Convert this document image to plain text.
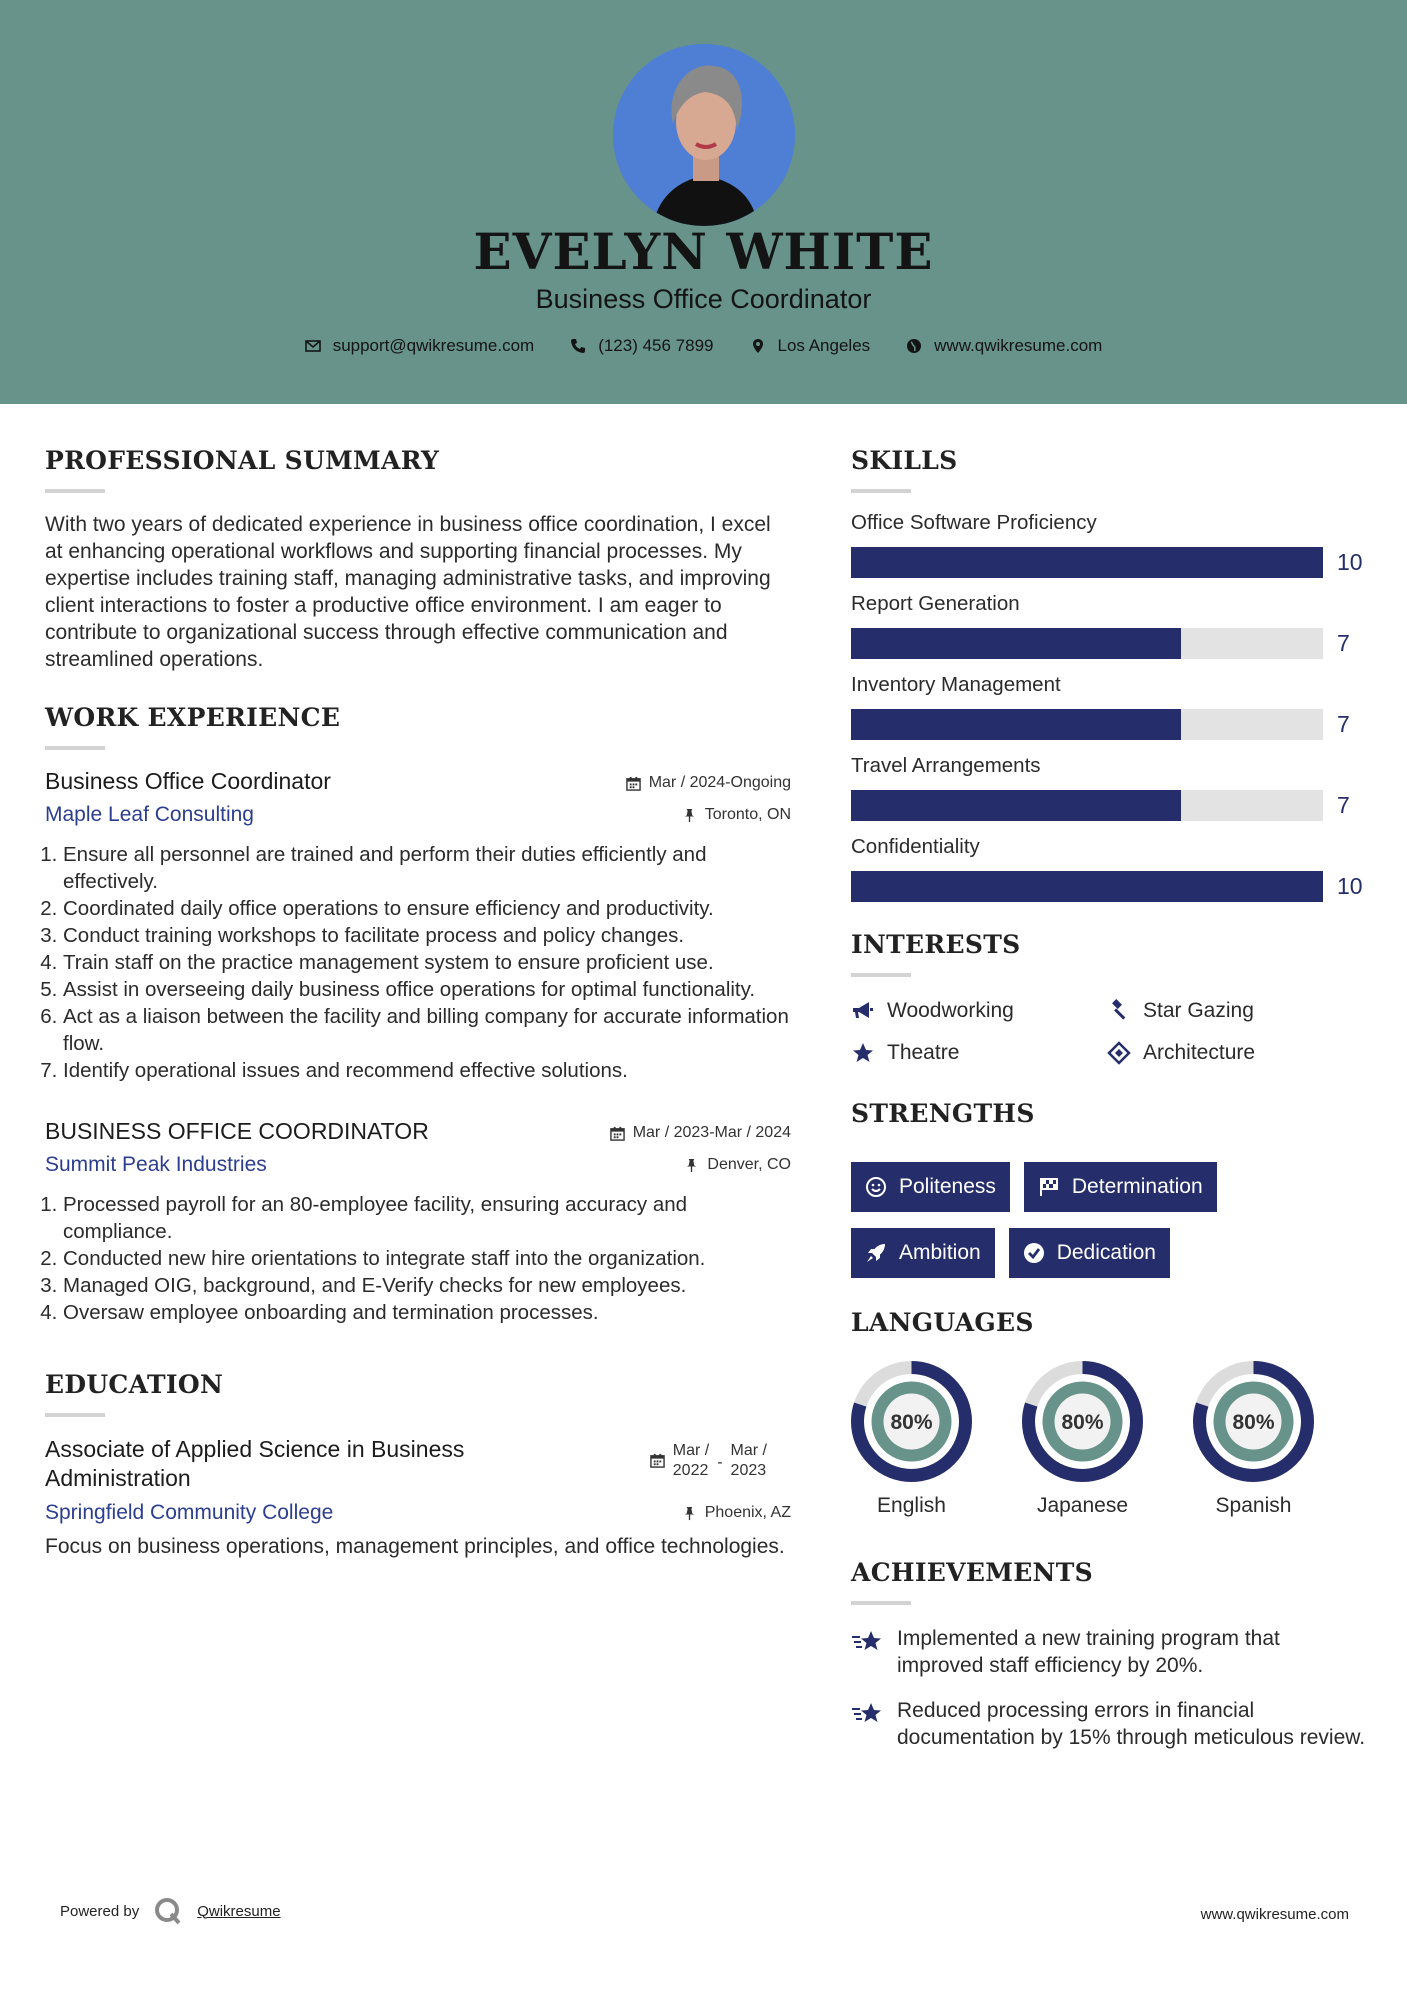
EVELYN WHITE
Business Office Coordinator
support@qwikresume.com	(123) 456 7899	Los Angeles	www.qwikresume.com
PROFESSIONAL SUMMARY
With two years of dedicated experience in business office coordination, I excel at enhancing operational workflows and supporting financial processes. My expertise includes training staff, managing administrative tasks, and improving client interactions to foster a productive office environment. I am eager to contribute to organizational success through effective communication and streamlined operations.
WORK EXPERIENCE
Business Office Coordinator	Mar / 2024-Ongoing
Maple Leaf Consulting	Toronto, ON
1. Ensure all personnel are trained and perform their duties efficiently and effectively.
2. Coordinated daily office operations to ensure efficiency and productivity.
3. Conduct training workshops to facilitate process and policy changes.
4. Train staff on the practice management system to ensure proficient use.
5. Assist in overseeing daily business office operations for optimal functionality.
6. Act as a liaison between the facility and billing company for accurate information flow.
7. Identify operational issues and recommend effective solutions.
BUSINESS OFFICE COORDINATOR	Mar / 2023-Mar / 2024
Summit Peak Industries	Denver, CO
1. Processed payroll for an 80-employee facility, ensuring accuracy and compliance.
2. Conducted new hire orientations to integrate staff into the organization.
3. Managed OIG, background, and E-Verify checks for new employees.
4. Oversaw employee onboarding and termination processes.
EDUCATION
Associate of Applied Science in Business Administration
Mar /
2022 -
Mar /
2023
Springfield Community College	Phoenix, AZ
Focus on business operations, management principles, and office technologies.
SKILLS
Office Software Proficiency
10
Report Generation
7
Inventory Management
7
Travel Arrangements
7
Confidentiality
10
INTERESTS
Woodworking	Star Gazing
Theatre	Architecture
STRENGTHS
Politeness	Determination
Ambition	Dedication
LANGUAGES
80%
English
80%
Japanese
80%
Spanish
ACHIEVEMENTS
Implemented a new training program that improved staff efficiency by 20%.
Reduced processing errors in financial documentation by 15% through meticulous review.
Powered by	Qwikresume	www.qwikresume.com
